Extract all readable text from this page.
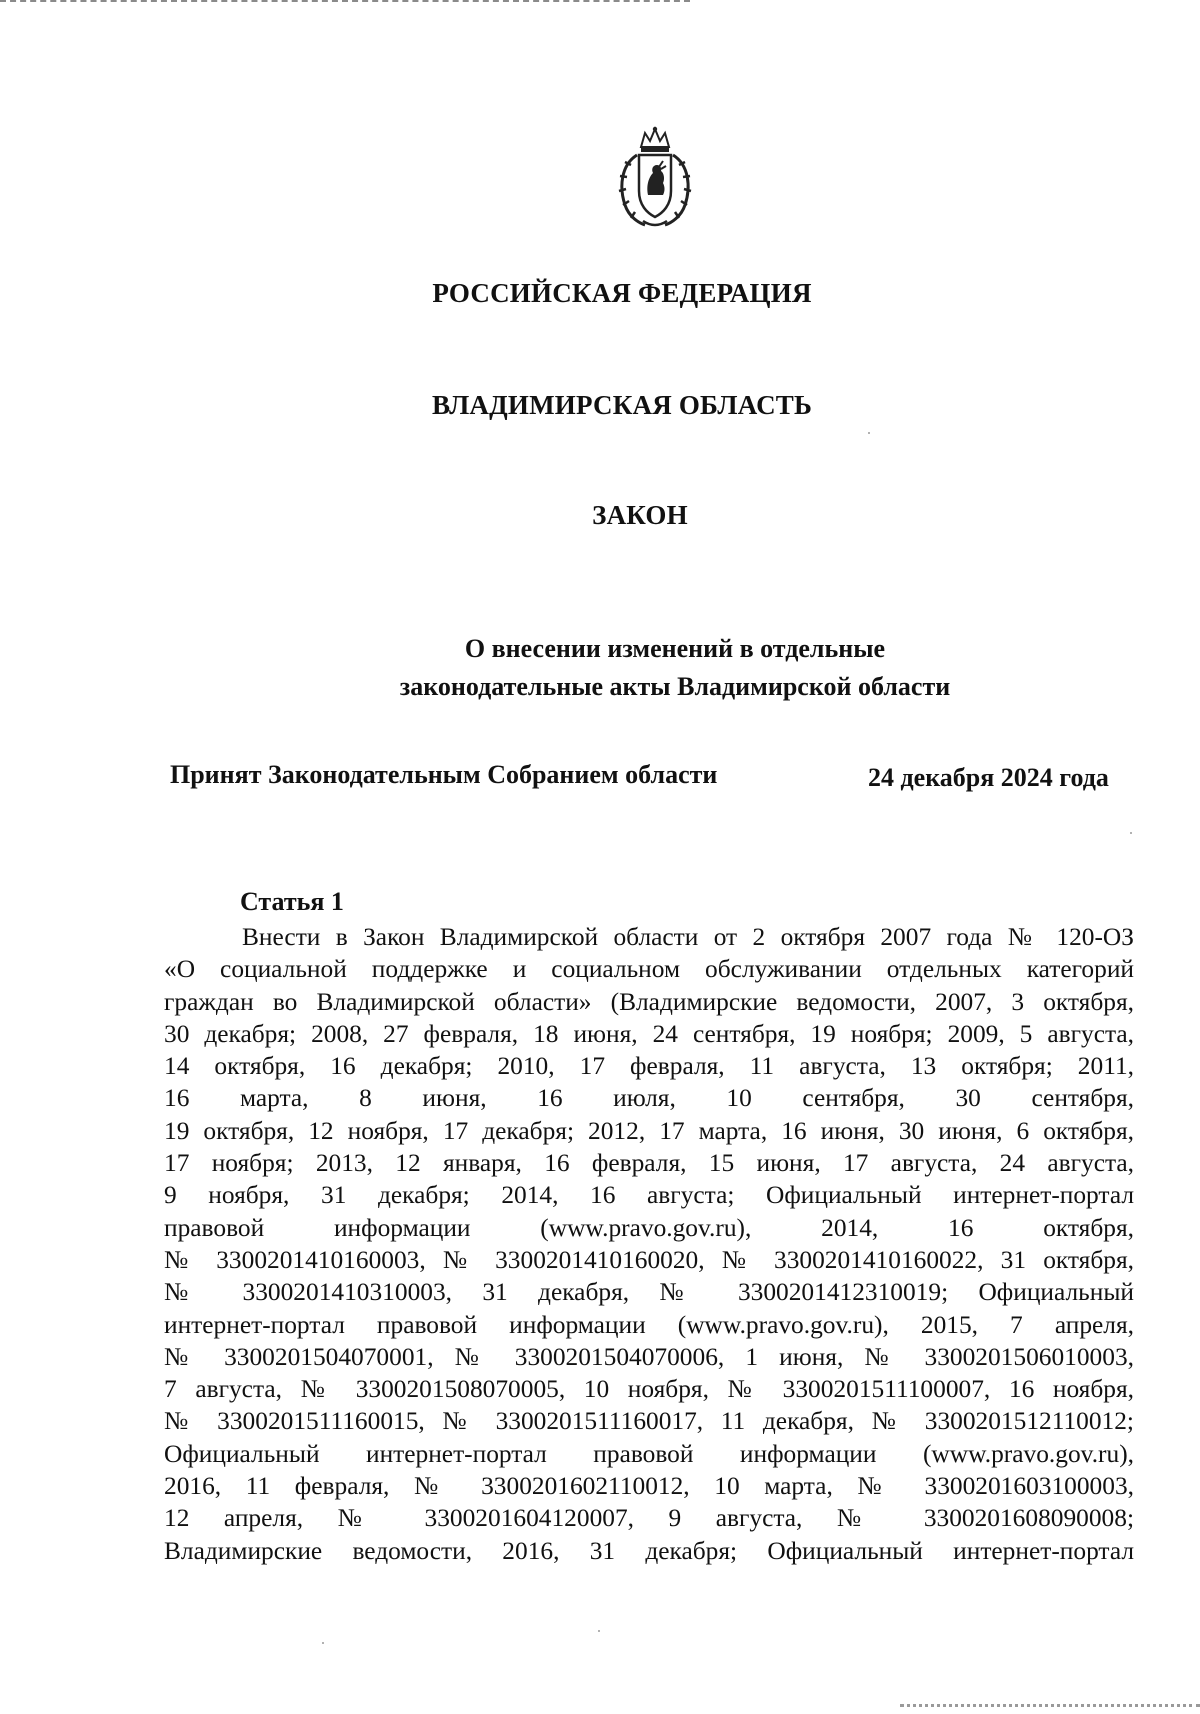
РОССИЙСКАЯ ФЕДЕРАЦИЯ
ВЛАДИМИРСКАЯ ОБЛАСТЬ
ЗАКОН
О внесении изменений в отдельные
законодательные акты Владимирской области
Принят Законодательным Собранием области	24 декабря 2024 года
Статья 1
Внести в Закон Владимирской области от 2 октября 2007 года № 120-ОЗ
«О социальной поддержке и социальном обслуживании отдельных категорий
граждан во Владимирской области» (Владимирские ведомости, 2007, 3 октября,
30 декабря; 2008, 27 февраля, 18 июня, 24 сентября, 19 ноября; 2009, 5 августа,
14 октября, 16 декабря; 2010, 17 февраля, 11 августа, 13 октября; 2011,
16 марта, 8 июня, 16 июля, 10 сентября, 30 сентября,
19 октября, 12 ноября, 17 декабря; 2012, 17 марта, 16 июня, 30 июня, 6 октября,
17 ноября; 2013, 12 января, 16 февраля, 15 июня, 17 августа, 24 августа,
9 ноября, 31 декабря; 2014, 16 августа; Официальный интернет-портал
правовой информации (www.pravo.gov.ru), 2014, 16 октября,
№ 3300201410160003, № 3300201410160020, № 3300201410160022, 31 октября,
№ 3300201410310003, 31 декабря, № 3300201412310019; Официальный
интернет-портал правовой информации (www.pravo.gov.ru), 2015, 7 апреля,
№ 3300201504070001, № 3300201504070006, 1 июня, № 3300201506010003,
7 августа, № 3300201508070005, 10 ноября, № 3300201511100007, 16 ноября,
№ 3300201511160015, № 3300201511160017, 11 декабря, № 3300201512110012;
Официальный интернет-портал правовой информации (www.pravo.gov.ru),
2016, 11 февраля, № 3300201602110012, 10 марта, № 3300201603100003,
12 апреля, № 3300201604120007, 9 августа, № 3300201608090008;
Владимирские ведомости, 2016, 31 декабря; Официальный интернет-портал
